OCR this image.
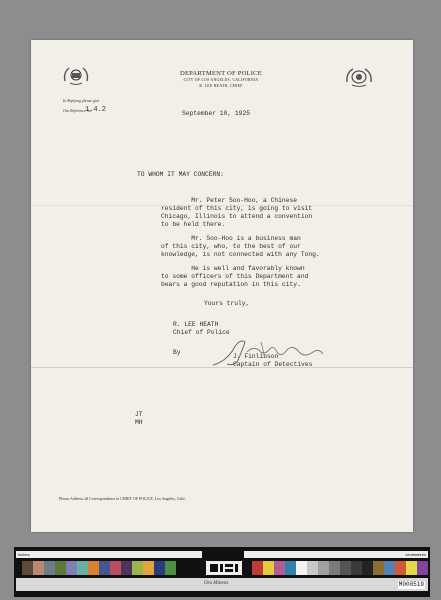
DEPARTMENT OF POLICE
CITY OF LOS ANGELES, CALIFORNIA
R. LEE HEATH, CHIEF
In Replying please give
Our Reference No.
1.4.2	September 10, 1925
TO WHOM IT MAY CONCERN:
Mr. Peter Soo-Hoo, a Chinese
resident of this city, is going to visit
Chicago, Illinois to attend a convention
to be held there.
Mr. Soo-Hoo is a business man
of this city, who, to the best of our
knowledge, is not connected with any Tong.
He is well and favorably known
to some officers of this Department and
bears a good reputation in this city.
Yours truly,
R. LEE HEATH
Chief of Police
By
J. Finlinson
Captain of Detectives
JT
MH
Please Address all Correspondence to CHIEF OF POLICE, Los Angeles, Calif.
inches	centimetres
Ora Mittens	M000519
